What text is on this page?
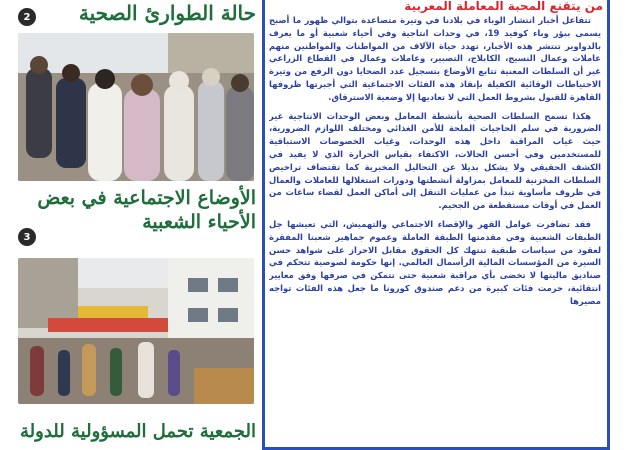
حالة الطوارئ الصحية
2
الأوضاع الاجتماعية في بعض الأحياء الشعبية
3
الجمعية تحمل المسؤولية للدولة
من يتقنع المحبة المعاملة المعربية

تتفاعل أخبار انتشار الوباء في بلادنا في وتيرة متصاعدة بتوالي ظهور ما أصبح يسمى ببؤر وباء كوفيد 19، في وحدات انتاجية وفي أحياء شعبية أو ما يعرف بالدواوير تنتشر هذه الأخبار، تهدد حياة الآلاف من المواطنات والمواطنين منهم عاملات وعمال النسيج، الكابلاج، التصبير، وعاملات وعمال في القطاع الزراعي غير أن السلطات المعنية تتابع الأوضاع بتسجيل عدد الضحايا دون الرفع من وتيرة الاحتياطات الوقائية الكفيلة بإنقاذ هذه الفئات الاجتماعية التي أجبرتها ظروفها القاهرة للقبول بشروط العمل التي لا تعاديها إلا وضعية الاسترقاق.

هكذا تسمح السلطات الصحية بأنشطة المعامل وبعض الوحدات الانتاجية غير الضرورية في سلم الحاجيات الملحة للأمن الغذائي ومختلف اللوازم الضرورية، حيث غياب المراقبة داخل هذه الوحدات، وغياب الخصوصات الاستباقية للمستخدمين وفي أحسن الحالات، الاكتفاء بقياس الحرارة الذي لا يفيد في الكشف الحقيقي ولا يشكل بديلا عن التحاليل المخبرية كما تقتضاف تراخيص السلطات المخزنية للمعامل بمزاولة أنشطتها ودورات استغلالها للعاملات والعمال في ظروف مأساوية تبدأ من عمليات التنقل إلى أماكن العمل لقضاء ساعات من العمل في أوقات مستقطعة من الجحيم.

فقد تضافرت عوامل القهر والإقصاء الاجتماعي والتهميش، التي تعيشها جل الطبقات الشعبية وفي مقدمتها الطبقة العاملة وعموم جماهير شعبنا المفقرة لعقود من سياسات طبقية تنتهك كل الحقوق مقابل الاحراز على شواهد حسن السيرة من المؤسسات المالية الرأسمال العالمي. إنها حكومة لصوصية تتحكم في صناديق ماليتها لا تخضى بأي مراقبة شعبية حتى تتمكن في صرفها وفق معايير انتقائية، حرمت فئات كبيرة من دعم صندوق كورونا ما جعل هذه الفئات تواجه مصيرها
